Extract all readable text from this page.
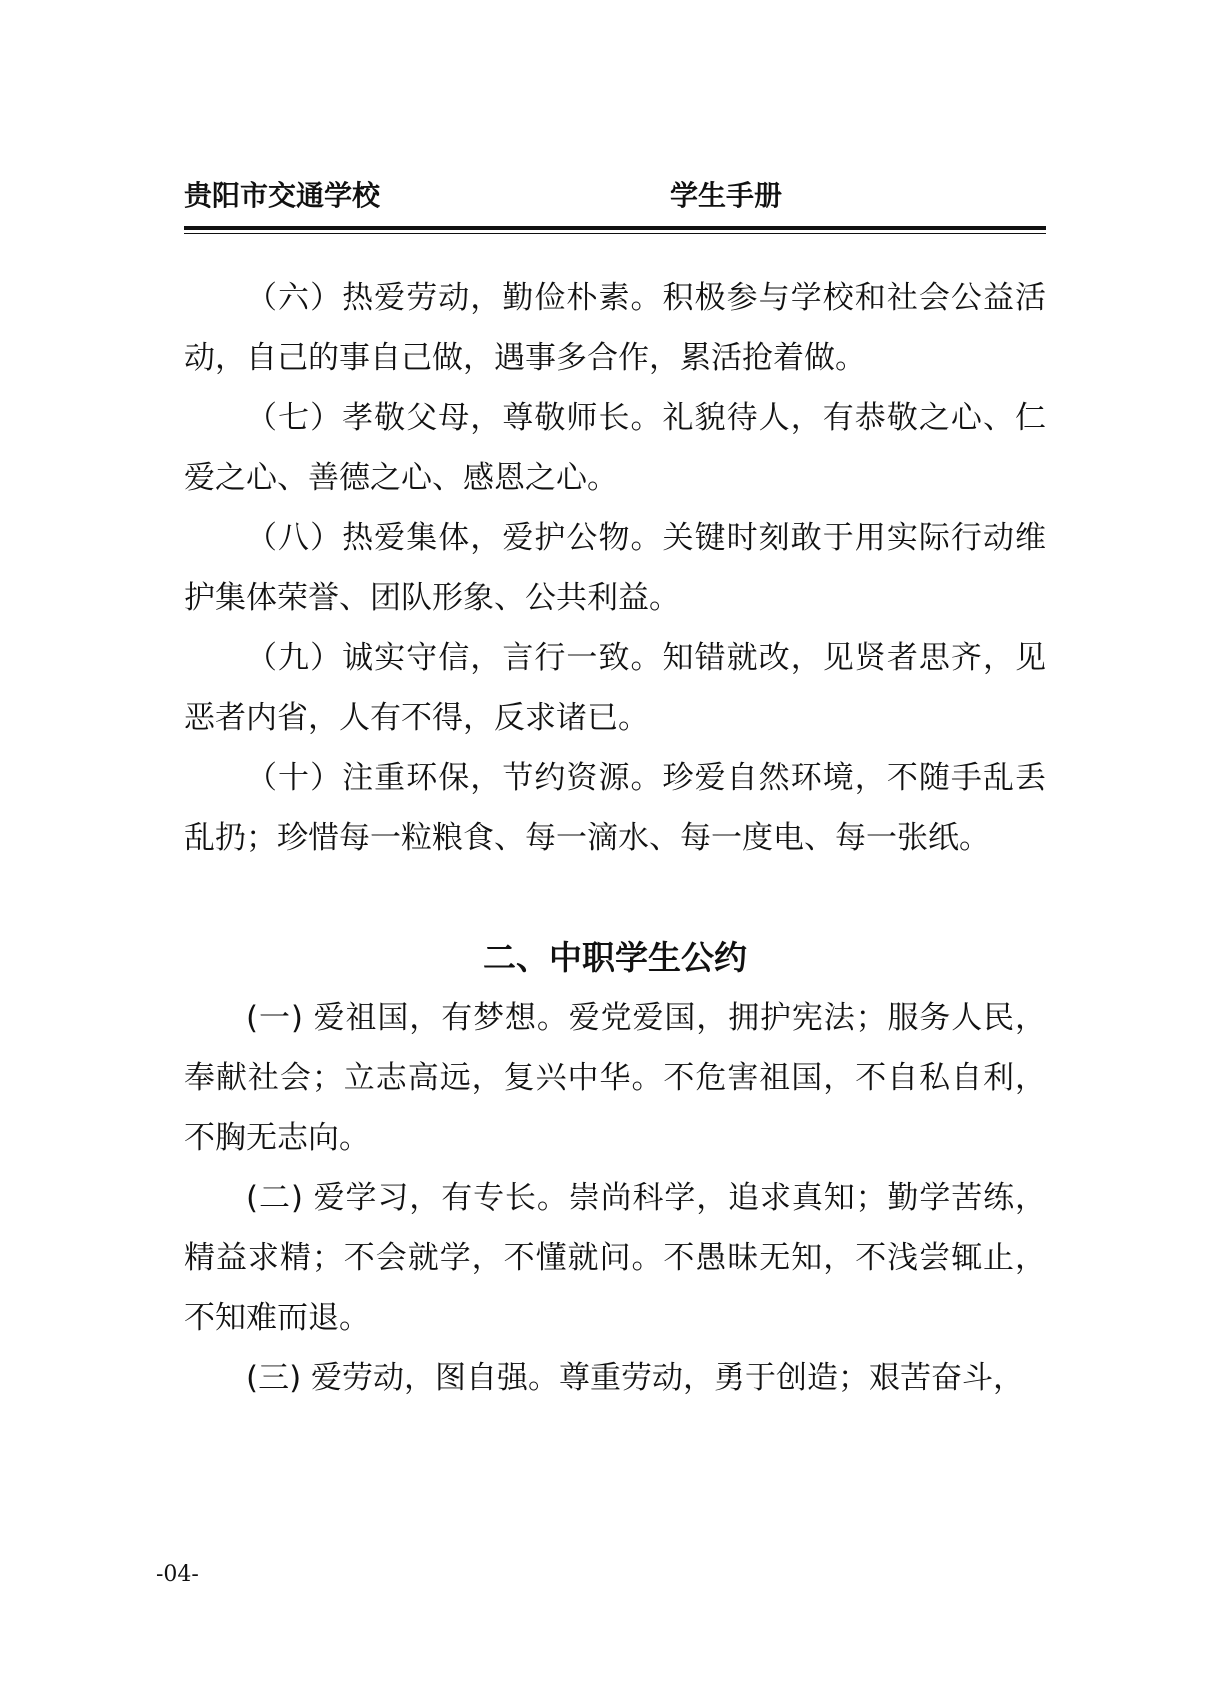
贵阳市交通学校	学生手册

（六）热爱劳动，勤俭朴素。积极参与学校和社会公益活动，自己的事自己做，遇事多合作，累活抢着做。

（七）孝敬父母，尊敬师长。礼貌待人，有恭敬之心、仁爱之心、善德之心、感恩之心。

（八）热爱集体，爱护公物。关键时刻敢于用实际行动维护集体荣誉、团队形象、公共利益。

（九）诚实守信，言行一致。知错就改，见贤者思齐，见恶者内省，人有不得，反求诸已。

（十）注重环保，节约资源。珍爱自然环境，不随手乱丢乱扔；珍惜每一粒粮食、每一滴水、每一度电、每一张纸。

二、中职学生公约

(一) 爱祖国，有梦想。爱党爱国，拥护宪法；服务人民，奉献社会；立志高远，复兴中华。不危害祖国，不自私自利，不胸无志向。

(二) 爱学习，有专长。崇尚科学，追求真知；勤学苦练，精益求精；不会就学，不懂就问。不愚昧无知，不浅尝辄止，不知难而退。

(三) 爱劳动，图自强。尊重劳动，勇于创造；艰苦奋斗，

-04-
